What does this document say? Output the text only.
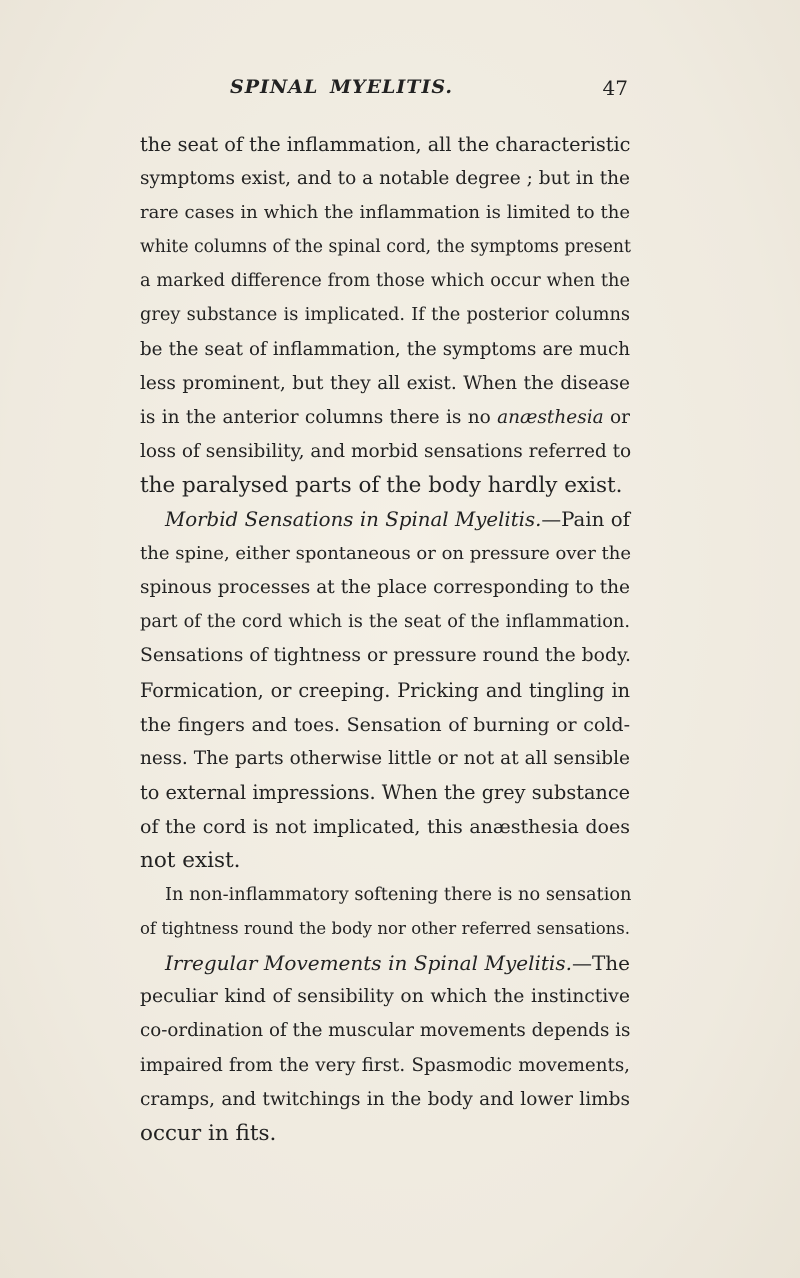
SPINAL MYELITIS.	47
the seat of the inflammation, all the characteristic
symptoms exist, and to a notable degree ; but in the
rare cases in which the inflammation is limited to the
white columns of the spinal cord, the symptoms present
a marked difference from those which occur when the
grey substance is implicated. If the posterior columns
be the seat of inflammation, the symptoms are much
less prominent, but they all exist. When the disease
is in the anterior columns there is no anæsthesia or
loss of sensibility, and morbid sensations referred to
the paralysed parts of the body hardly exist.
Morbid Sensations in Spinal Myelitis.—Pain of
the spine, either spontaneous or on pressure over the
spinous processes at the place corresponding to the
part of the cord which is the seat of the inflammation.
Sensations of tightness or pressure round the body.
Formication, or creeping. Pricking and tingling in
the fingers and toes. Sensation of burning or cold-
ness. The parts otherwise little or not at all sensible
to external impressions. When the grey substance
of the cord is not implicated, this anæsthesia does
not exist.
In non-inflammatory softening there is no sensation
of tightness round the body nor other referred sensations.
Irregular Movements in Spinal Myelitis.—The
peculiar kind of sensibility on which the instinctive
co-ordination of the muscular movements depends is
impaired from the very first. Spasmodic movements,
cramps, and twitchings in the body and lower limbs
occur in fits.
